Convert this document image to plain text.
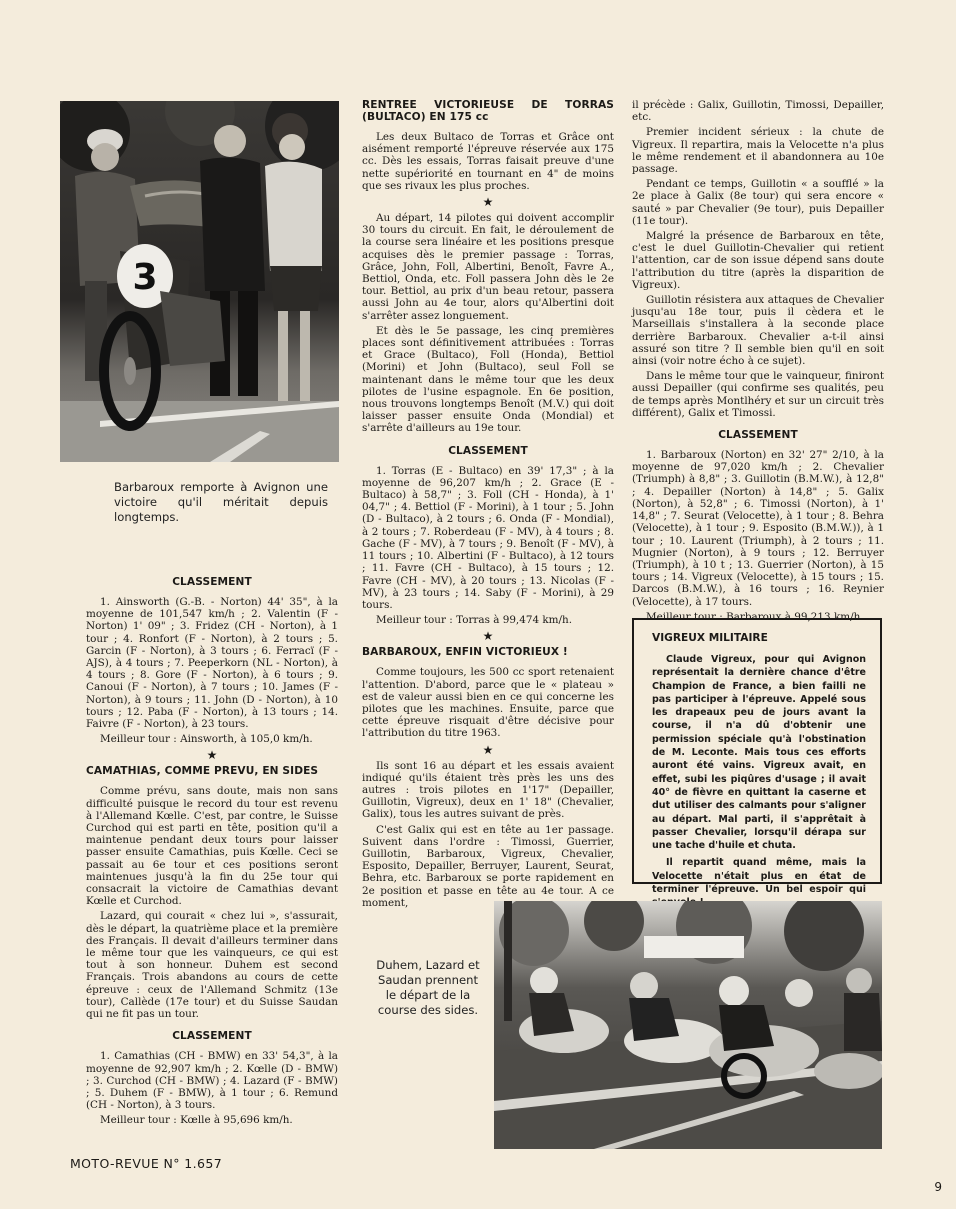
3
Barbaroux remporte à Avignon une victoire qu'il méritait depuis longtemps.
CLASSEMENT

1. Ainsworth (G.-B. - Norton) 44' 35", à la moyenne de 101,547 km/h ; 2. Valentin (F - Norton) 1' 09" ; 3. Fridez (CH - Norton), à 1 tour ; 4. Ronfort (F - Norton), à 2 tours ; 5. Garcin (F - Norton), à 3 tours ; 6. Ferracï (F - AJS), à 4 tours ; 7. Peeperkorn (NL - Norton), à 4 tours ; 8. Gore (F - Norton), à 6 tours ; 9. Canoui (F - Norton), à 7 tours ; 10. James (F - Norton), à 9 tours ; 11. John (D - Norton), à 10 tours ; 12. Paba (F - Norton), à 13 tours ; 14. Faivre (F - Norton), à 23 tours.

Meilleur tour : Ainsworth, à 105,0 km/h.

★
CAMATHIAS, COMME PREVU, EN SIDES

Comme prévu, sans doute, mais non sans difficulté puisque le record du tour est revenu à l'Allemand Kœlle. C'est, par contre, le Suisse Curchod qui est parti en tête, position qu'il a maintenue pendant deux tours pour laisser passer ensuite Camathias, puis Kœlle. Ceci se passait au 6e tour et ces positions seront maintenues jusqu'à la fin du 25e tour qui consacrait la victoire de Camathias devant Kœlle et Curchod.

Lazard, qui courait « chez lui », s'assurait, dès le départ, la quatrième place et la première des Français. Il devait d'ailleurs terminer dans le même tour que les vainqueurs, ce qui est tout à son honneur. Duhem est second Français. Trois abandons au cours de cette épreuve : ceux de l'Allemand Schmitz (13e tour), Callède (17e tour) et du Suisse Saudan qui ne fit pas un tour.

CLASSEMENT

1. Camathias (CH - BMW) en 33' 54,3", à la moyenne de 92,907 km/h ; 2. Kœlle (D - BMW) ; 3. Curchod (CH - BMW) ; 4. Lazard (F - BMW) ; 5. Duhem (F - BMW), à 1 tour ; 6. Remund (CH - Norton), à 3 tours.

Meilleur tour : Kœlle à 95,696 km/h.

RENTREE VICTORIEUSE DE TORRAS (BULTACO) EN 175 cc

Les deux Bultaco de Torras et Grâce ont aisément remporté l'épreuve réservée aux 175 cc. Dès les essais, Torras faisait preuve d'une nette supériorité en tournant en 4" de moins que ses rivaux les plus proches.

★

Au départ, 14 pilotes qui doivent accomplir 30 tours du circuit. En fait, le déroulement de la course sera linéaire et les positions presque acquises dès le premier passage : Torras, Grâce, John, Foll, Albertini, Benoît, Favre A., Bettiol, Onda, etc. Foll passera John dès le 2e tour. Bettiol, au prix d'un beau retour, passera aussi John au 4e tour, alors qu'Albertini doit s'arrêter assez longuement.

Et dès le 5e passage, les cinq premières places sont définitivement attribuées : Torras et Grace (Bultaco), Foll (Honda), Bettiol (Morini) et John (Bultaco), seul Foll se maintenant dans le même tour que les deux pilotes de l'usine espagnole. En 6e position, nous trouvons longtemps Benoît (M.V.) qui doit laisser passer ensuite Onda (Mondial) et s'arrête d'ailleurs au 19e tour.

CLASSEMENT

1. Torras (E - Bultaco) en 39' 17,3" ; à la moyenne de 96,207 km/h ; 2. Grace (E - Bultaco) à 58,7" ; 3. Foll (CH - Honda), à 1' 04,7" ; 4. Bettiol (F - Morini), à 1 tour ; 5. John (D - Bultaco), à 2 tours ; 6. Onda (F - Mondial), à 2 tours ; 7. Roberdeau (F - MV), à 4 tours ; 8. Gache (F - MV), à 7 tours ; 9. Benoît (F - MV), à 11 tours ; 10. Albertini (F - Bultaco), à 12 tours ; 11. Favre (CH - Bultaco), à 15 tours ; 12. Favre (CH - MV), à 20 tours ; 13. Nicolas (F - MV), à 23 tours ; 14. Saby (F - Morini), à 29 tours.

Meilleur tour : Torras à 99,474 km/h.

★
BARBAROUX, ENFIN VICTORIEUX !

Comme toujours, les 500 cc sport retenaient l'attention. D'abord, parce que le « plateau » est de valeur aussi bien en ce qui concerne les pilotes que les machines. Ensuite, parce que cette épreuve risquait d'être décisive pour l'attribution du titre 1963.

★

Ils sont 16 au départ et les essais avaient indiqué qu'ils étaient très près les uns des autres : trois pilotes en 1'17" (Depailler, Guillotin, Vigreux), deux en 1' 18" (Chevalier, Galix), tous les autres suivant de près.

C'est Galix qui est en tête au 1er passage. Suivent dans l'ordre : Timossi, Guerrier, Guillotin, Barbaroux, Vigreux, Chevalier, Esposito, Depailler, Berruyer, Laurent, Seurat, Behra, etc. Barbaroux se porte rapidement en 2e position et passe en tête au 4e tour. A ce moment,

il précède : Galix, Guillotin, Timossi, Depailler, etc.

Premier incident sérieux : la chute de Vigreux. Il repartira, mais la Velocette n'a plus le même rendement et il abandonnera au 10e passage.

Pendant ce temps, Guillotin « a soufflé » la 2e place à Galix (8e tour) qui sera encore « sauté » par Chevalier (9e tour), puis Depailler (11e tour).

Malgré la présence de Barbaroux en tête, c'est le duel Guillotin-Chevalier qui retient l'attention, car de son issue dépend sans doute l'attribution du titre (après la disparition de Vigreux).

Guillotin résistera aux attaques de Chevalier jusqu'au 18e tour, puis il cèdera et le Marseillais s'installera à la seconde place derrière Barbaroux. Chevalier a-t-il ainsi assuré son titre ? Il semble bien qu'il en soit ainsi (voir notre écho à ce sujet).

Dans le même tour que le vainqueur, finiront aussi Depailler (qui confirme ses qualités, peu de temps après Montlhéry et sur un circuit très différent), Galix et Timossi.

CLASSEMENT

1. Barbaroux (Norton) en 32' 27" 2/10, à la moyenne de 97,020 km/h ; 2. Chevalier (Triumph) à 8,8" ; 3. Guillotin (B.M.W.), à 12,8" ; 4. Depailler (Norton) à 14,8" ; 5. Galix (Norton), à 52,8" ; 6. Timossi (Norton), à 1' 14,8" ; 7. Seurat (Velocette), à 1 tour ; 8. Behra (Velocette), à 1 tour ; 9. Esposito (B.M.W.)), à 1 tour ; 10. Laurent (Triumph), à 2 tours ; 11. Mugnier (Norton), à 9 tours ; 12. Berruyer (Triumph), à 10 t ; 13. Guerrier (Norton), à 15 tours ; 14. Vigreux (Velocette), à 15 tours ; 15. Darcos (B.M.W.), à 16 tours ; 16. Reynier (Velocette), à 17 tours.

Meilleur tour : Barbaroux à 99,213 km/h.

VIGREUX MILITAIRE

Claude Vigreux, pour qui Avignon représentait la dernière chance d'être Champion de France, a bien failli ne pas participer à l'épreuve. Appelé sous les drapeaux peu de jours avant la course, il n'a dû d'obtenir une permission spéciale qu'à l'obstination de M. Leconte. Mais tous ces efforts auront été vains. Vigreux avait, en effet, subi les piqûres d'usage ; il avait 40° de fièvre en quittant la caserne et dut utiliser des calmants pour s'aligner au départ. Mal parti, il s'apprêtait à passer Chevalier, lorsqu'il dérapa sur une tache d'huile et chuta.

Il repartit quand même, mais la Velocette n'était plus en état de terminer l'épreuve. Un bel espoir qui

Duhem, Lazard et Saudan prennent le départ de la course des sides.
MOTO-REVUE N° 1.657
9
